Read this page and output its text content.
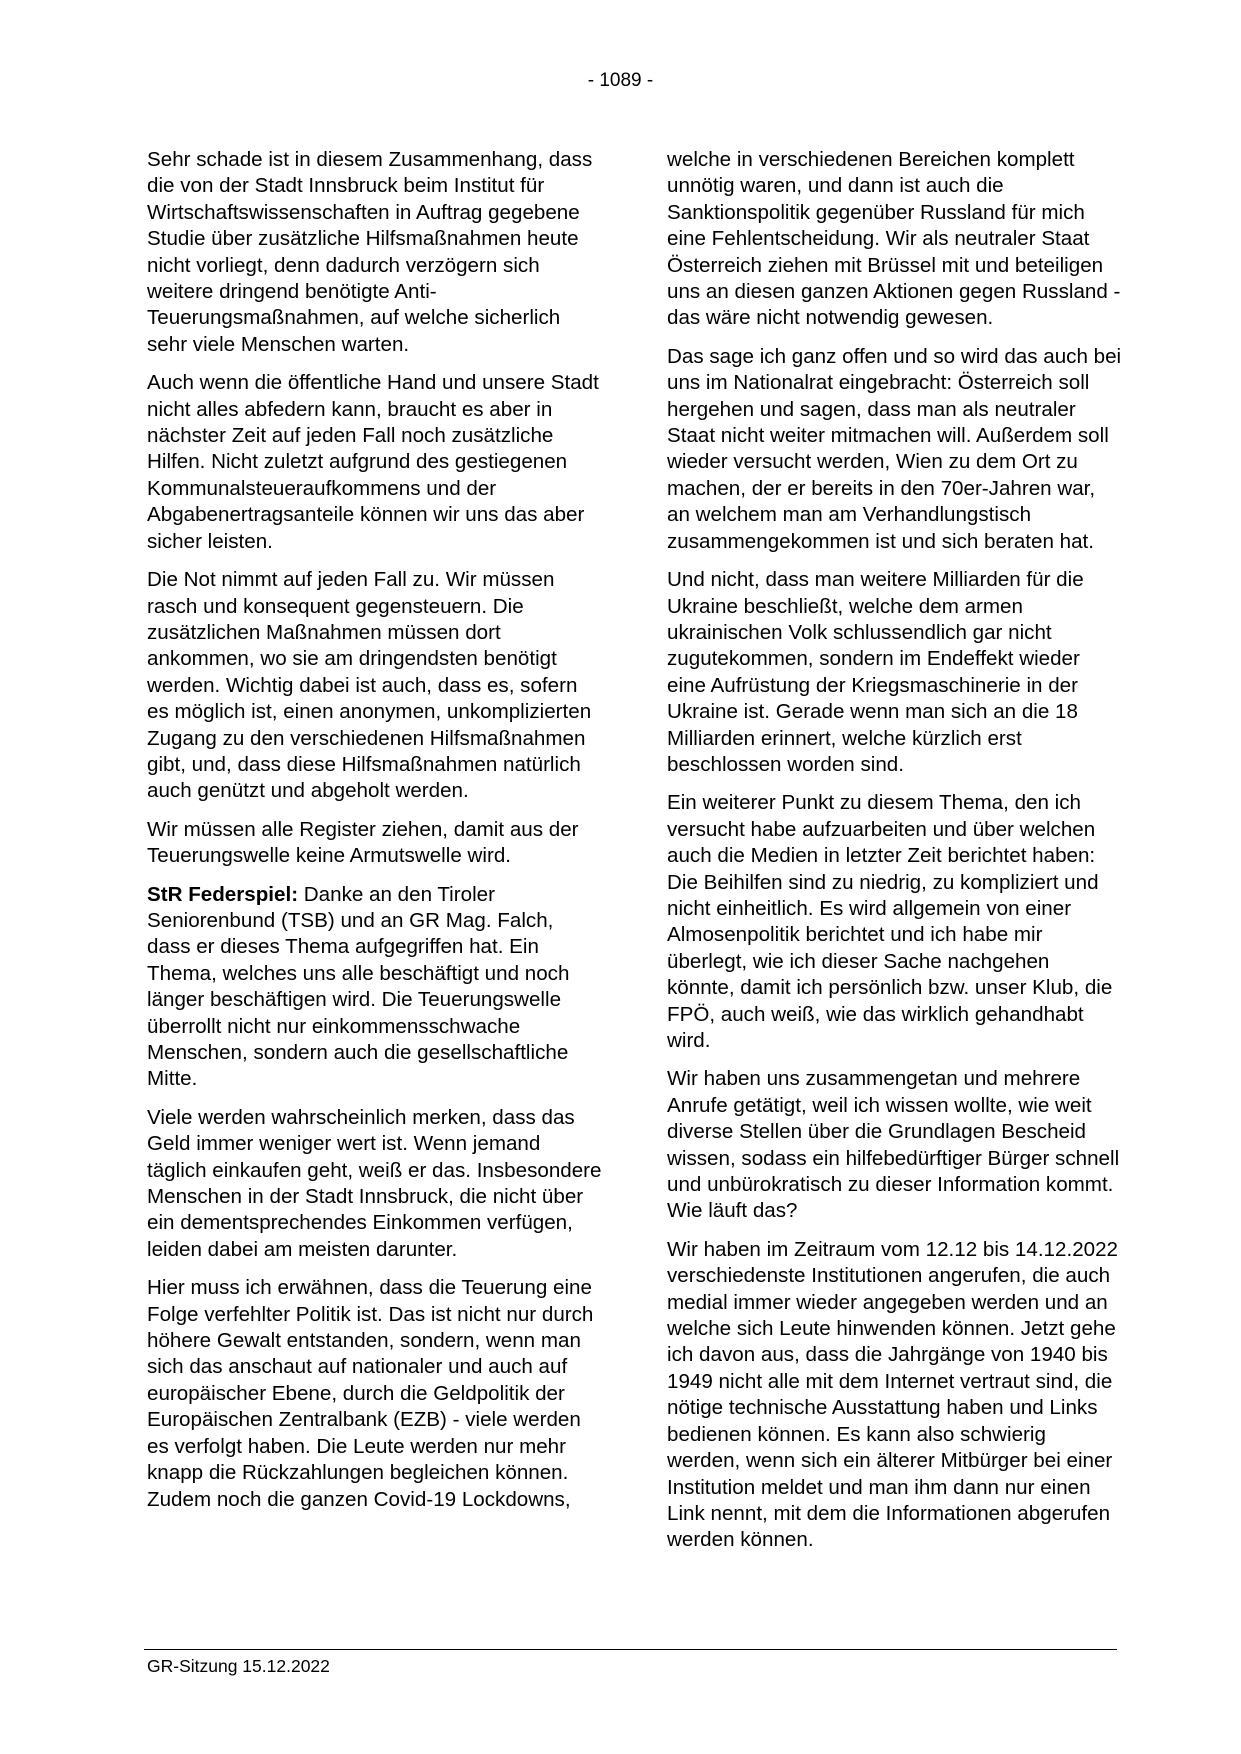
- 1089 -

Sehr schade ist in diesem Zusammenhang, dass die von der Stadt Innsbruck beim Institut für Wirtschaftswissenschaften in Auftrag gegebene Studie über zusätzliche Hilfsmaßnahmen heute nicht vorliegt, denn dadurch verzögern sich weitere dringend benötigte Anti-Teuerungsmaßnahmen, auf welche sicherlich sehr viele Menschen warten.

Auch wenn die öffentliche Hand und unsere Stadt nicht alles abfedern kann, braucht es aber in nächster Zeit auf jeden Fall noch zusätzliche Hilfen. Nicht zuletzt aufgrund des gestiegenen Kommunalsteueraufkommens und der Abgabenertragsanteile können wir uns das aber sicher leisten.

Die Not nimmt auf jeden Fall zu. Wir müssen rasch und konsequent gegensteuern. Die zusätzlichen Maßnahmen müssen dort ankommen, wo sie am dringendsten benötigt werden. Wichtig dabei ist auch, dass es, sofern es möglich ist, einen anonymen, unkomplizierten Zugang zu den verschiedenen Hilfsmaßnahmen gibt, und, dass diese Hilfsmaßnahmen natürlich auch genützt und abgeholt werden.

Wir müssen alle Register ziehen, damit aus der Teuerungswelle keine Armutswelle wird.

StR Federspiel: Danke an den Tiroler Seniorenbund (TSB) und an GR Mag. Falch, dass er dieses Thema aufgegriffen hat. Ein Thema, welches uns alle beschäftigt und noch länger beschäftigen wird. Die Teuerungswelle überrollt nicht nur einkommensschwache Menschen, sondern auch die gesellschaftliche Mitte.

Viele werden wahrscheinlich merken, dass das Geld immer weniger wert ist. Wenn jemand täglich einkaufen geht, weiß er das. Insbesondere Menschen in der Stadt Innsbruck, die nicht über ein dementsprechendes Einkommen verfügen, leiden dabei am meisten darunter.

Hier muss ich erwähnen, dass die Teuerung eine Folge verfehlter Politik ist. Das ist nicht nur durch höhere Gewalt entstanden, sondern, wenn man sich das anschaut auf nationaler und auch auf europäischer Ebene, durch die Geldpolitik der Europäischen Zentralbank (EZB) - viele werden es verfolgt haben. Die Leute werden nur mehr knapp die Rückzahlungen begleichen können. Zudem noch die ganzen Covid-19 Lockdowns,

welche in verschiedenen Bereichen komplett unnötig waren, und dann ist auch die Sanktionspolitik gegenüber Russland für mich eine Fehlentscheidung. Wir als neutraler Staat Österreich ziehen mit Brüssel mit und beteiligen uns an diesen ganzen Aktionen gegen Russland - das wäre nicht notwendig gewesen.

Das sage ich ganz offen und so wird das auch bei uns im Nationalrat eingebracht: Österreich soll hergehen und sagen, dass man als neutraler Staat nicht weiter mitmachen will. Außerdem soll wieder versucht werden, Wien zu dem Ort zu machen, der er bereits in den 70er-Jahren war, an welchem man am Verhandlungstisch zusammengekommen ist und sich beraten hat.

Und nicht, dass man weitere Milliarden für die Ukraine beschließt, welche dem armen ukrainischen Volk schlussendlich gar nicht zugutekommen, sondern im Endeffekt wieder eine Aufrüstung der Kriegsmaschinerie in der Ukraine ist. Gerade wenn man sich an die 18 Milliarden erinnert, welche kürzlich erst beschlossen worden sind.

Ein weiterer Punkt zu diesem Thema, den ich versucht habe aufzuarbeiten und über welchen auch die Medien in letzter Zeit berichtet haben: Die Beihilfen sind zu niedrig, zu kompliziert und nicht einheitlich. Es wird allgemein von einer Almosenpolitik berichtet und ich habe mir überlegt, wie ich dieser Sache nachgehen könnte, damit ich persönlich bzw. unser Klub, die FPÖ, auch weiß, wie das wirklich gehandhabt wird.

Wir haben uns zusammengetan und mehrere Anrufe getätigt, weil ich wissen wollte, wie weit diverse Stellen über die Grundlagen Bescheid wissen, sodass ein hilfebedürftiger Bürger schnell und unbürokratisch zu dieser Information kommt. Wie läuft das?

Wir haben im Zeitraum vom 12.12 bis 14.12.2022 verschiedenste Institutionen angerufen, die auch medial immer wieder angegeben werden und an welche sich Leute hinwenden können. Jetzt gehe ich davon aus, dass die Jahrgänge von 1940 bis 1949 nicht alle mit dem Internet vertraut sind, die nötige technische Ausstattung haben und Links bedienen können. Es kann also schwierig werden, wenn sich ein älterer Mitbürger bei einer Institution meldet und man ihm dann nur einen Link nennt, mit dem die Informationen abgerufen werden können.

GR-Sitzung 15.12.2022
